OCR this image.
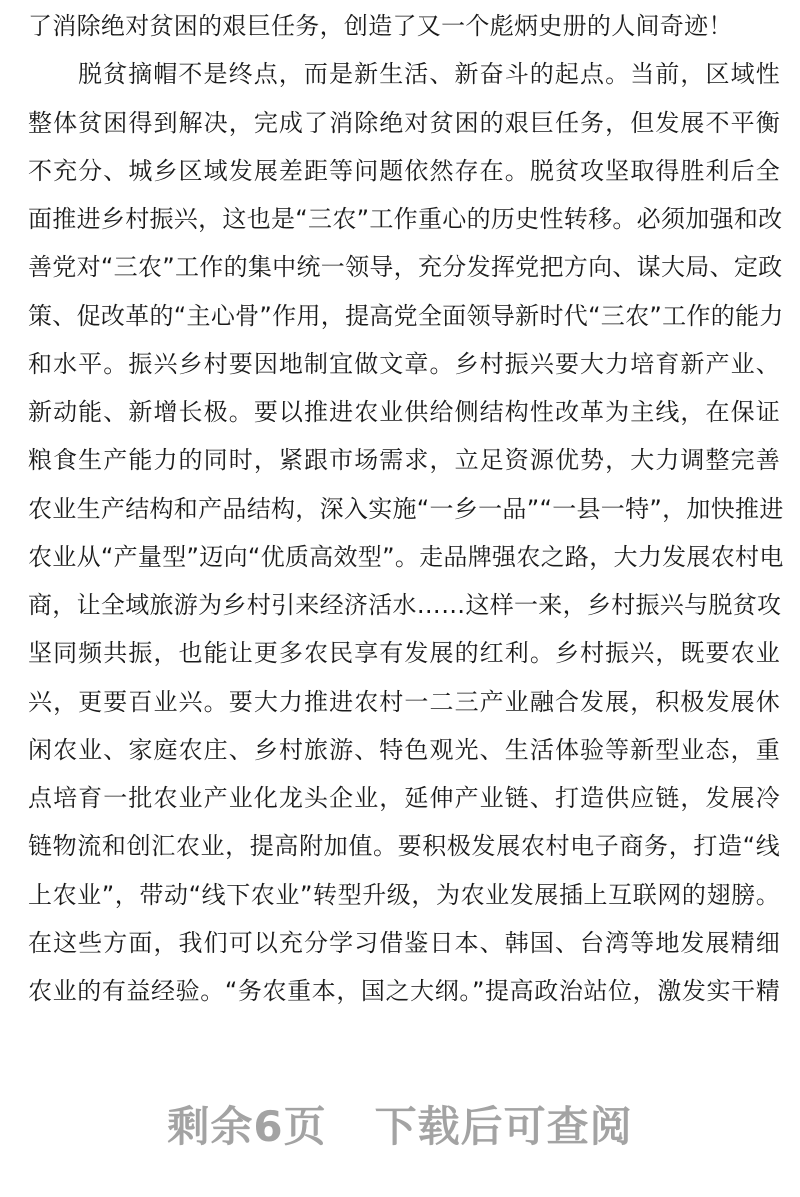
了消除绝对贫困的艰巨任务，创造了又一个彪炳史册的人间奇迹！
脱贫摘帽不是终点，而是新生活、新奋斗的起点。当前，区域性
整体贫困得到解决，完成了消除绝对贫困的艰巨任务，但发展不平衡
不充分、城乡区域发展差距等问题依然存在。脱贫攻坚取得胜利后全
面推进乡村振兴，这也是“三农”工作重心的历史性转移。必须加强和改
善党对“三农”工作的集中统一领导，充分发挥党把方向、谋大局、定政
策、促改革的“主心骨”作用，提高党全面领导新时代“三农”工作的能力
和水平。振兴乡村要因地制宜做文章。乡村振兴要大力培育新产业、
新动能、新增长极。要以推进农业供给侧结构性改革为主线，在保证
粮食生产能力的同时，紧跟市场需求，立足资源优势，大力调整完善
农业生产结构和产品结构，深入实施“一乡一品”“一县一特”，加快推进
农业从“产量型”迈向“优质高效型”。走品牌强农之路，大力发展农村电
商，让全域旅游为乡村引来经济活水……这样一来，乡村振兴与脱贫攻
坚同频共振，也能让更多农民享有发展的红利。乡村振兴，既要农业
兴，更要百业兴。要大力推进农村一二三产业融合发展，积极发展休
闲农业、家庭农庄、乡村旅游、特色观光、生活体验等新型业态，重
点培育一批农业产业化龙头企业，延伸产业链、打造供应链，发展冷
链物流和创汇农业，提高附加值。要积极发展农村电子商务，打造“线
上农业”，带动“线下农业”转型升级，为农业发展插上互联网的翅膀。
在这些方面，我们可以充分学习借鉴日本、韩国、台湾等地发展精细
农业的有益经验。“务农重本，国之大纲。”提高政治站位，激发实干精
剩余6页 下载后可查阅
